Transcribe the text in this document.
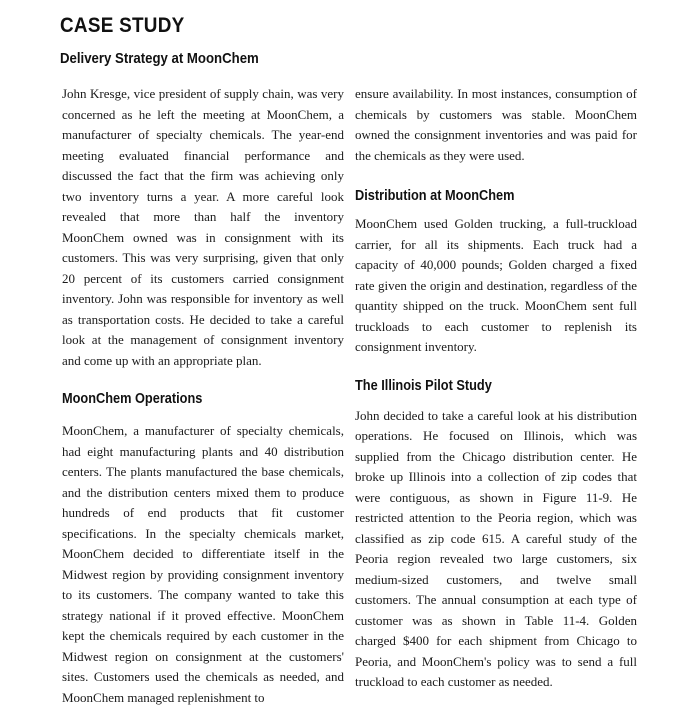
CASE STUDY
Delivery Strategy at MoonChem

John Kresge, vice president of supply chain, was very concerned as he left the meeting at MoonChem, a manufacturer of specialty chemicals. The year-end meeting evaluated financial performance and discussed the fact that the firm was achieving only two inventory turns a year. A more careful look revealed that more than half the inventory MoonChem owned was in consignment with its customers. This was very surprising, given that only 20 percent of its customers carried consignment inventory. John was responsible for inventory as well as transportation costs. He decided to take a careful look at the management of consignment inventory and come up with an appropriate plan.

MoonChem Operations

MoonChem, a manufacturer of specialty chemicals, had eight manufacturing plants and 40 distribution centers. The plants manufactured the base chemicals, and the distribution centers mixed them to produce hundreds of end products that fit customer specifications. In the specialty chemicals market, MoonChem decided to differentiate itself in the Midwest region by providing consignment inventory to its customers. The company wanted to take this strategy national if it proved effective. MoonChem kept the chemicals required by each customer in the Midwest region on consignment at the customers' sites. Customers used the chemicals as needed, and MoonChem managed replenishment to

ensure availability. In most instances, consumption of chemicals by customers was stable. MoonChem owned the consignment inventories and was paid for the chemicals as they were used.

Distribution at MoonChem

MoonChem used Golden trucking, a full-truckload carrier, for all its shipments. Each truck had a capacity of 40,000 pounds; Golden charged a fixed rate given the origin and destination, regardless of the quantity shipped on the truck. MoonChem sent full truckloads to each customer to replenish its consignment inventory.

The Illinois Pilot Study

John decided to take a careful look at his distribution operations. He focused on Illinois, which was supplied from the Chicago distribution center. He broke up Illinois into a collection of zip codes that were contiguous, as shown in Figure 11-9. He restricted attention to the Peoria region, which was classified as zip code 615. A careful study of the Peoria region revealed two large customers, six medium-sized customers, and twelve small customers. The annual consumption at each type of customer was as shown in Table 11-4. Golden charged $400 for each shipment from Chicago to Peoria, and MoonChem's policy was to send a full truckload to each customer as needed.
